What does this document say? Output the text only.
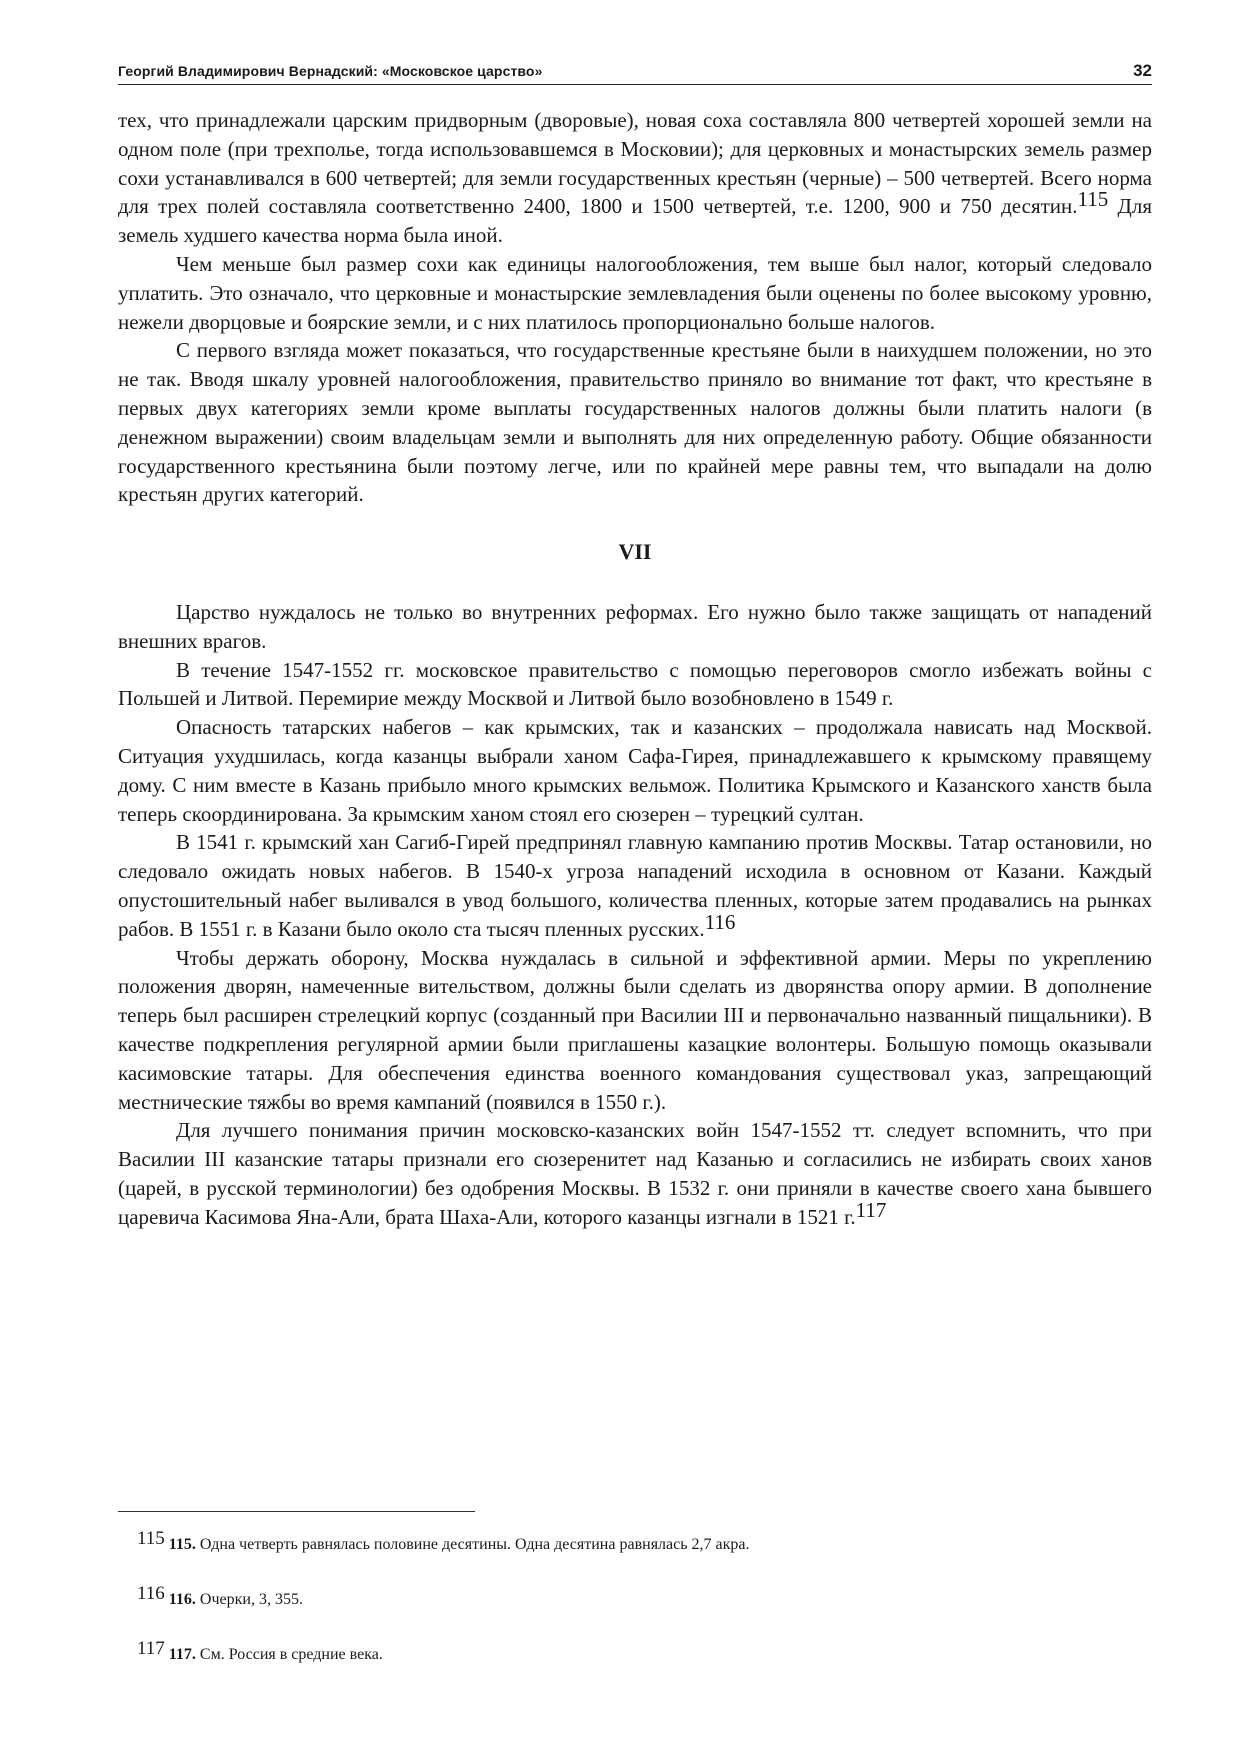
Георгий Владимирович Вернадский: «Московское царство»	32

тех, что принадлежали царским придворным (дворовые), новая соха составляла 800 четвертей хорошей земли на одном поле (при трехполье, тогда использовавшемся в Московии); для церковных и монастырских земель размер сохи устанавливался в 600 четвертей; для земли государственных крестьян (черные) – 500 четвертей. Всего норма для трех полей составляла соответственно 2400, 1800 и 1500 четвертей, т.е. 1200, 900 и 750 десятин.$^{115}$ Для земель худшего качества норма была иной.

Чем меньше был размер сохи как единицы налогообложения, тем выше был налог, который следовало уплатить. Это означало, что церковные и монастырские землевладения были оценены по более высокому уровню, нежели дворцовые и боярские земли, и с них платилось пропорционально больше налогов.

С первого взгляда может показаться, что государственные крестьяне были в наихудшем положении, но это не так. Вводя шкалу уровней налогообложения, правительство приняло во внимание тот факт, что крестьяне в первых двух категориях земли кроме выплаты государственных налогов должны были платить налоги (в денежном выражении) своим владельцам земли и выполнять для них определенную работу. Общие обязанности государственного крестьянина были поэтому легче, или по крайней мере равны тем, что выпадали на долю крестьян других категорий.

VII

Царство нуждалось не только во внутренних реформах. Его нужно было также защищать от нападений внешних врагов.

В течение 1547-1552 гг. московское правительство с помощью переговоров смогло избежать войны с Польшей и Литвой. Перемирие между Москвой и Литвой было возобновлено в 1549 г.

Опасность татарских набегов – как крымских, так и казанских – продолжала нависать над Москвой. Ситуация ухудшилась, когда казанцы выбрали ханом Сафа-Гирея, принадлежавшего к крымскому правящему дому. С ним вместе в Казань прибыло много крымских вельмож. Политика Крымского и Казанского ханств была теперь скоординирована. За крымским ханом стоял его сюзерен – турецкий султан.

В 1541 г. крымский хан Сагиб-Гирей предпринял главную кампанию против Москвы. Татар остановили, но следовало ожидать новых набегов. В 1540-х угроза нападений исходила в основном от Казани. Каждый опустошительный набег выливался в увод большого, количества пленных, которые затем продавались на рынках рабов. В 1551 г. в Казани было около ста тысяч пленных русских.$^{116}$

Чтобы держать оборону, Москва нуждалась в сильной и эффективной армии. Меры по укреплению положения дворян, намеченные вительством, должны были сделать из дворянства опору армии. В дополнение теперь был расширен стрелецкий корпус (созданный при Василии III и первоначально названный пищальники). В качестве подкрепления регулярной армии были приглашены казацкие волонтеры. Большую помощь оказывали касимовские татары. Для обеспечения единства военного командования существовал указ, запрещающий местнические тяжбы во время кампаний (появился в 1550 г.).

Для лучшего понимания причин московско-казанских войн 1547-1552 тт. следует вспомнить, что при Василии III казанские татары признали его сюзеренитет над Казанью и согласились не избирать своих ханов (царей, в русской терминологии) без одобрения Москвы. В 1532 г. они приняли в качестве своего хана бывшего царевича Касимова Яна-Али, брата Шаха-Али, которого казанцы изгнали в 1521 г.$^{117}$

115 115. Одна четверть равнялась половине десятины. Одна десятина равнялась 2,7 акра.
116 116. Очерки, 3, 355.
117 117. См. Россия в средние века.
